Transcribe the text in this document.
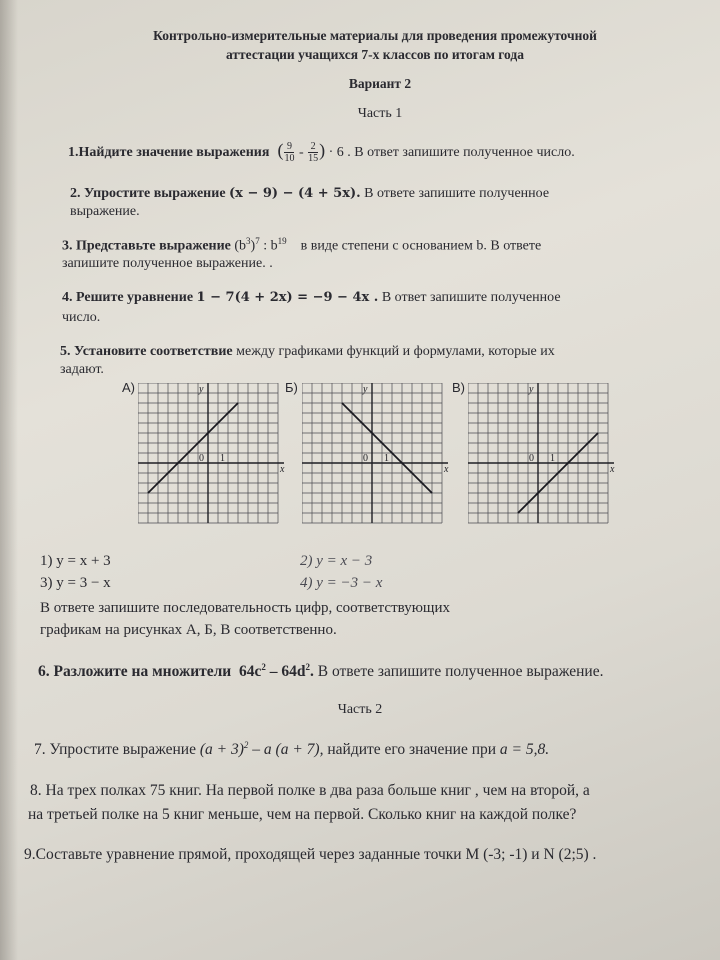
Контрольно-измерительные материалы для проведения промежуточной
аттестации учащихся 7-х классов по итогам года
Вариант 2
Часть 1
1.Найдите значение выражения  ( $\frac{9}{10} - \frac{2}{15}$ ) · 6 . В ответ запишите полученное число.
2. Упростите выражение (x − 9) − (4 + 5x). В ответе запишите полученное
выражение.
3. Представьте выражение $(b^3)^7$ : $b^{19}$ в виде степени с основанием b. В ответе
запишите полученное выражение. .
4. Решите уравнение 1 − 7(4 + 2x) = −9 − 4x . В ответ запишите полученное
число.
5. Установите соответствие между графиками функций и формулами, которые их
задают.
А)	Б)	В)
y
x
0 1
y
x
0 1
y
x
0 1
1) y = x + 3	2) y = x − 3
3) y = 3 − x	4) y = −3 − x
В ответе запишите последовательность цифр, соответствующих
графикам на рисунках А, Б, В соответственно.
6. Разложите на множители $64c^2 - 64d^2$. В ответе запишите полученное выражение.
Часть 2
7. Упростите выражение $(a + 3)^2 - a$ (a + 7), найдите его значение при a = 5,8.
8. На трех полках 75 книг. На первой полке в два раза больше книг , чем на второй, а
на третьей полке на 5 книг меньше, чем на первой. Сколько книг на каждой полке?
9.Составьте уравнение прямой, проходящей через заданные точки М (-3; -1) и N (2;5) .
